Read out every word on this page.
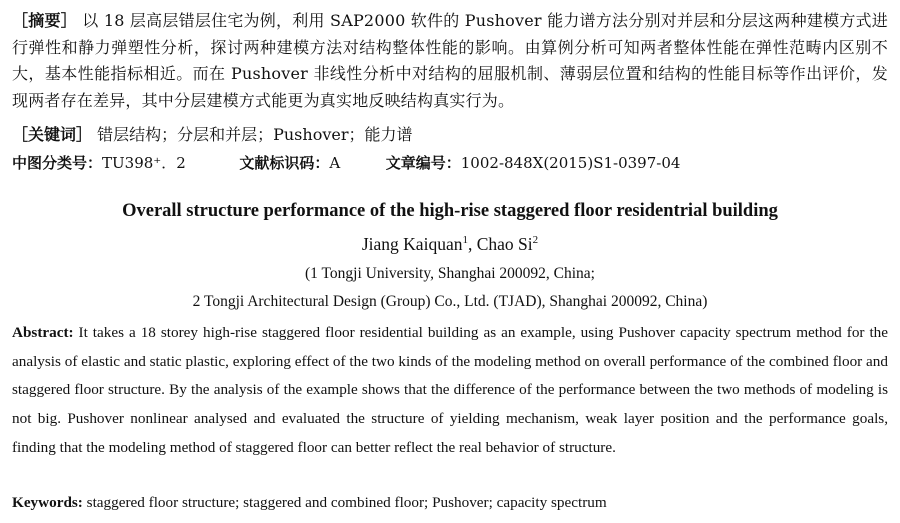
［摘要］ 以 18 层高层错层住宅为例，利用 SAP2000 软件的 Pushover 能力谱方法分别对并层和分层这两种建模方式进行弹性和静力弹塑性分析，探讨两种建模方法对结构整体性能的影响。由算例分析可知两者整体性能在弹性范畴内区别不大，基本性能指标相近。而在 Pushover 非线性分析中对结构的屈服机制、薄弱层位置和结构的性能目标等作出评价，发现两者存在差异，其中分层建模方式能更为真实地反映结构真实行为。
［关键词］ 错层结构；分层和并层；Pushover；能力谱
中图分类号：TU398⁺．2	文献标识码：A	文章编号：1002-848X(2015)S1-0397-04
Overall structure performance of the high-rise staggered floor residentrial building
Jiang Kaiquan$^1$, Chao Si$^2$
(1 Tongji University, Shanghai 200092, China;
2 Tongji Architectural Design (Group) Co., Ltd. (TJAD), Shanghai 200092, China)
Abstract: It takes a 18 storey high-rise staggered floor residential building as an example, using Pushover capacity spectrum method for the analysis of elastic and static plastic, exploring effect of the two kinds of the modeling method on overall performance of the combined floor and staggered floor structure. By the analysis of the example shows that the difference of the performance between the two methods of modeling is not big. Pushover nonlinear analysed and evaluated the structure of yielding mechanism, weak layer position and the performance goals, finding that the modeling method of staggered floor can better reflect the real behavior of structure.
Keywords: staggered floor structure; staggered and combined floor; Pushover; capacity spectrum
